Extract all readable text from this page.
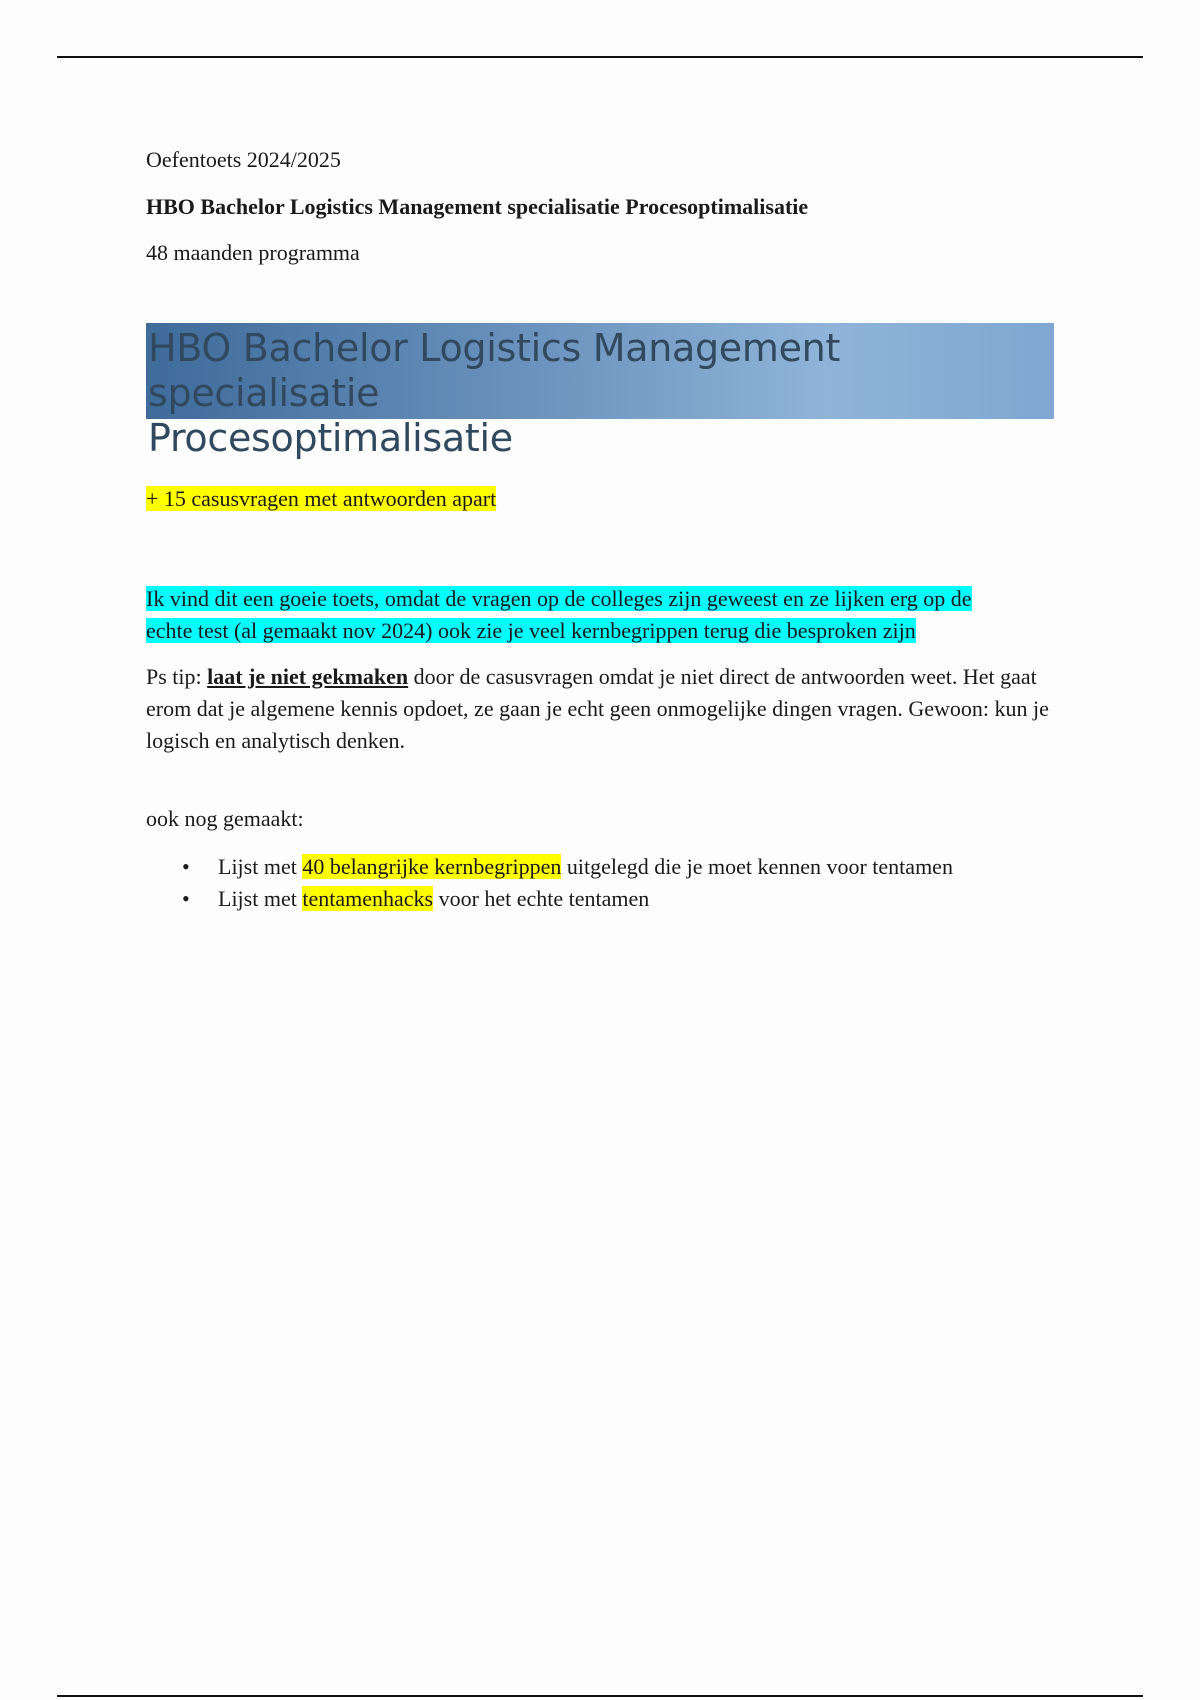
Oefentoets 2024/2025

HBO Bachelor Logistics Management specialisatie Procesoptimalisatie

48 maanden programma

HBO Bachelor Logistics Management specialisatie
Procesoptimalisatie

+ 15 casusvragen met antwoorden apart

Ik vind dit een goeie toets, omdat de vragen op de colleges zijn geweest en ze lijken erg op de
echte test (al gemaakt nov 2024) ook zie je veel kernbegrippen terug die besproken zijn

Ps tip: laat je niet gekmaken door de casusvragen omdat je niet direct de antwoorden weet. Het gaat erom dat je algemene kennis opdoet, ze gaan je echt geen onmogelijke dingen vragen. Gewoon: kun je logisch en analytisch denken.

ook nog gemaakt:

• Lijst met 40 belangrijke kernbegrippen uitgelegd die je moet kennen voor tentamen
• Lijst met tentamenhacks voor het echte tentamen
